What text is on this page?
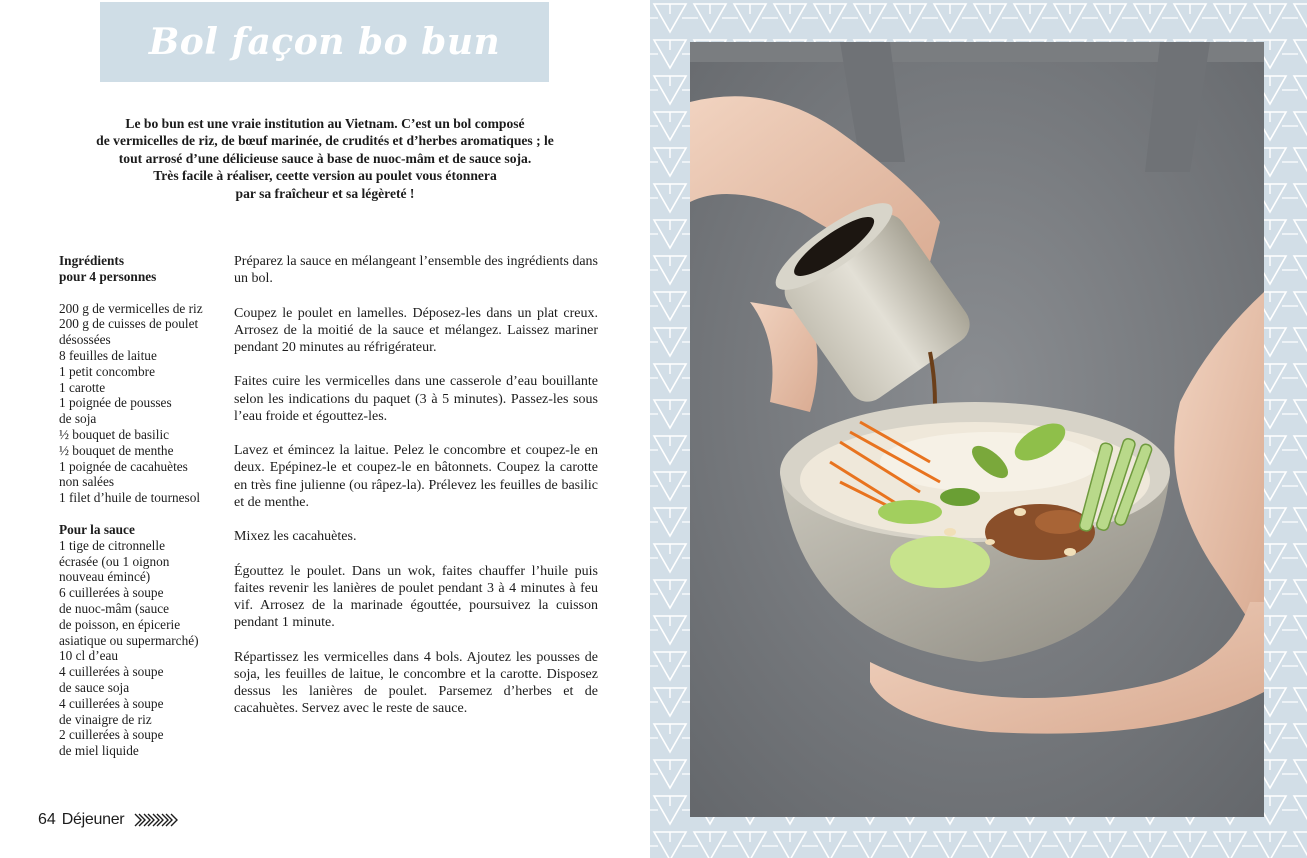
Bol façon bo bun

Le bo bun est une vraie institution au Vietnam. C’est un bol composé

de vermicelles de riz, de bœuf marinée, de crudités et d’herbes aromatiques ; le

tout arrosé d’une délicieuse sauce à base de nuoc-mâm et de sauce soja.

Très facile à réaliser, ceette version au poulet vous étonnera

par sa fraîcheur et sa légèreté !

Ingrédients
pour 4 personnes
200 g de vermicelles de riz
200 g de cuisses de poulet
désossées
8 feuilles de laitue
1 petit concombre
1 carotte
1 poignée de pousses
de soja
½ bouquet de basilic
½ bouquet de menthe
1 poignée de cacahuètes
non salées
1 filet d’huile de tournesol
Pour la sauce
1 tige de citronnelle
écrasée (ou 1 oignon
nouveau émincé)
6 cuillerées à soupe
de nuoc-mâm (sauce
de poisson, en épicerie
asiatique ou supermarché)
10 cl d’eau
4 cuillerées à soupe
de sauce soja
4 cuillerées à soupe
de vinaigre de riz
2 cuillerées à soupe
de miel liquide

Préparez la sauce en mélangeant l’ensemble des ingrédients dans un bol.

Coupez le poulet en lamelles. Déposez-les dans un plat creux. Arrosez de la moitié de la sauce et mélangez. Laissez mariner pendant 20 minutes au réfrigérateur.

Faites cuire les vermicelles dans une casserole d’eau bouillante selon les indications du paquet (3 à 5 minutes). Passez-les sous l’eau froide et égouttez-les.

Lavez et émincez la laitue. Pelez le concombre et coupez-le en deux. Epépinez-le et coupez-le en bâtonnets. Coupez la carotte en très fine julienne (ou râpez-la). Prélevez les feuilles de basilic et de menthe.

Mixez les cacahuètes.

Égouttez le poulet. Dans un wok, faites chauffer l’huile puis faites revenir les lanières de poulet pendant 3 à 4 minutes à feu vif. Arrosez de la marinade égouttée, poursuivez la cuisson pendant 1 minute.

Répartissez les vermicelles dans 4 bols. Ajoutez les pousses de soja, les feuilles de laitue, le concombre et la carotte. Disposez dessus les lanières de poulet. Parsemez d’herbes et de cacahuètes. Servez avec le reste de sauce.

64 Déjeuner
